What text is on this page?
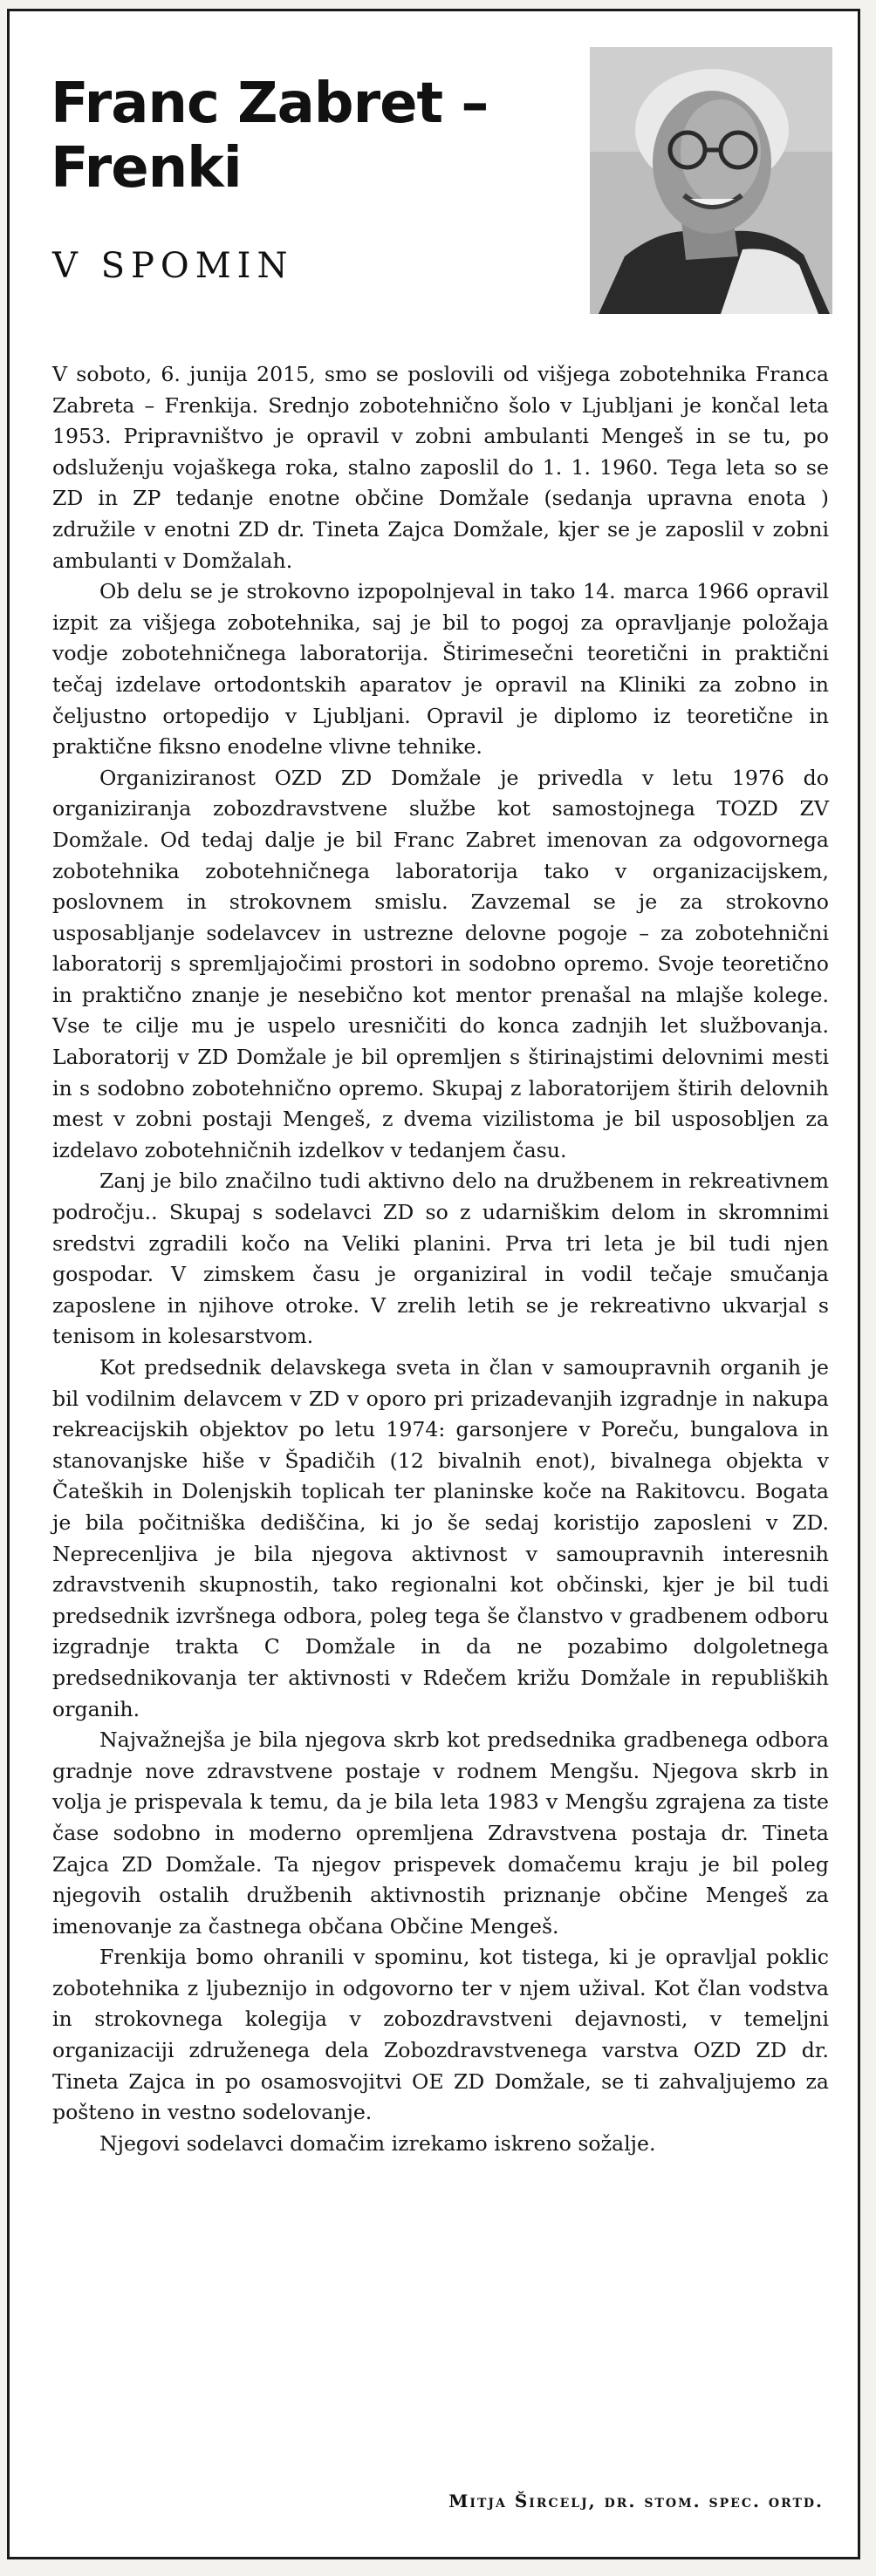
Franc Zabret – Frenki
V SPOMIN

V soboto, 6. junija 2015, smo se poslovili od višjega zobotehnika Franca Zabreta – Frenkija. Srednjo zobotehnično šolo v Ljubljani je končal leta 1953. Pripravništvo je opravil v zobni ambulanti Mengeš in se tu, po odsluženju vojaškega roka, stalno zaposlil do 1. 1. 1960. Tega leta so se ZD in ZP tedanje enotne občine Domžale (sedanja upravna enota ) združile v enotni ZD dr. Tineta Zajca Domžale, kjer se je zaposlil v zobni ambulanti v Domžalah.

Ob delu se je strokovno izpopolnjeval in tako 14. marca 1966 opravil izpit za višjega zobotehnika, saj je bil to pogoj za opravljanje položaja vodje zobotehničnega laboratorija. Štirimesečni teoretični in praktični tečaj izdelave ortodontskih aparatov je opravil na Kliniki za zobno in čeljustno ortopedijo v Ljubljani. Opravil je diplomo iz teoretične in praktične fiksno enodelne vlivne tehnike.

Organiziranost OZD ZD Domžale je privedla v letu 1976 do organiziranja zobozdravstvene službe kot samostojnega TOZD ZV Domžale. Od tedaj dalje je bil Franc Zabret imenovan za odgovornega zobotehnika zobotehničnega laboratorija tako v organizacijskem, poslovnem in strokovnem smislu. Zavzemal se je za strokovno usposabljanje sodelavcev in ustrezne delovne pogoje – za zobotehnični laboratorij s spremljajočimi prostori in sodobno opremo. Svoje teoretično in praktično znanje je nesebično kot mentor prenašal na mlajše kolege. Vse te cilje mu je uspelo uresničiti do konca zadnjih let službovanja. Laboratorij v ZD Domžale je bil opremljen s štirinajstimi delovnimi mesti in s sodobno zobotehnično opremo. Skupaj z laboratorijem štirih delovnih mest v zobni postaji Mengeš, z dvema vizilistoma je bil usposobljen za izdelavo zobotehničnih izdelkov v tedanjem času.

Zanj je bilo značilno tudi aktivno delo na družbenem in rekreativnem področju.. Skupaj s sodelavci ZD so z udarniškim delom in skromnimi sredstvi zgradili kočo na Veliki planini. Prva tri leta je bil tudi njen gospodar. V zimskem času je organiziral in vodil tečaje smučanja zaposlene in njihove otroke. V zrelih letih se je rekreativno ukvarjal s tenisom in kolesarstvom.

Kot predsednik delavskega sveta in član v samoupravnih organih je bil vodilnim delavcem v ZD v oporo pri prizadevanjih izgradnje in nakupa rekreacijskih objektov po letu 1974: garsonjere v Poreču, bungalova in stanovanjske hiše v Špadičih (12 bivalnih enot), bivalnega objekta v Čateških in Dolenjskih toplicah ter planinske koče na Rakitovcu. Bogata je bila počitniška dediščina, ki jo še sedaj koristijo zaposleni v ZD. Neprecenljiva je bila njegova aktivnost v samoupravnih interesnih zdravstvenih skupnostih, tako regionalni kot občinski, kjer je bil tudi predsednik izvršnega odbora, poleg tega še članstvo v gradbenem odboru izgradnje trakta C Domžale in da ne pozabimo dolgoletnega predsednikovanja ter aktivnosti v Rdečem križu Domžale in republiških organih.

Najvažnejša je bila njegova skrb kot predsednika gradbenega odbora gradnje nove zdravstvene postaje v rodnem Mengšu. Njegova skrb in volja je prispevala k temu, da je bila leta 1983 v Mengšu zgrajena za tiste čase sodobno in moderno opremljena Zdravstvena postaja dr. Tineta Zajca ZD Domžale. Ta njegov prispevek domačemu kraju je bil poleg njegovih ostalih družbenih aktivnostih priznanje občine Mengeš za imenovanje za častnega občana Občine Mengeš.

Frenkija bomo ohranili v spominu, kot tistega, ki je opravljal poklic zobotehnika z ljubeznijo in odgovorno ter v njem užival. Kot član vodstva in strokovnega kolegija v zobozdravstveni dejavnosti, v temeljni organizaciji združenega dela Zobozdravstvenega varstva OZD ZD dr. Tineta Zajca in po osamosvojitvi OE ZD Domžale, se ti zahvaljujemo za pošteno in vestno sodelovanje.

Njegovi sodelavci domačim izrekamo iskreno sožalje.

Mitja Šircelj, dr. stom. spec. ortd.
